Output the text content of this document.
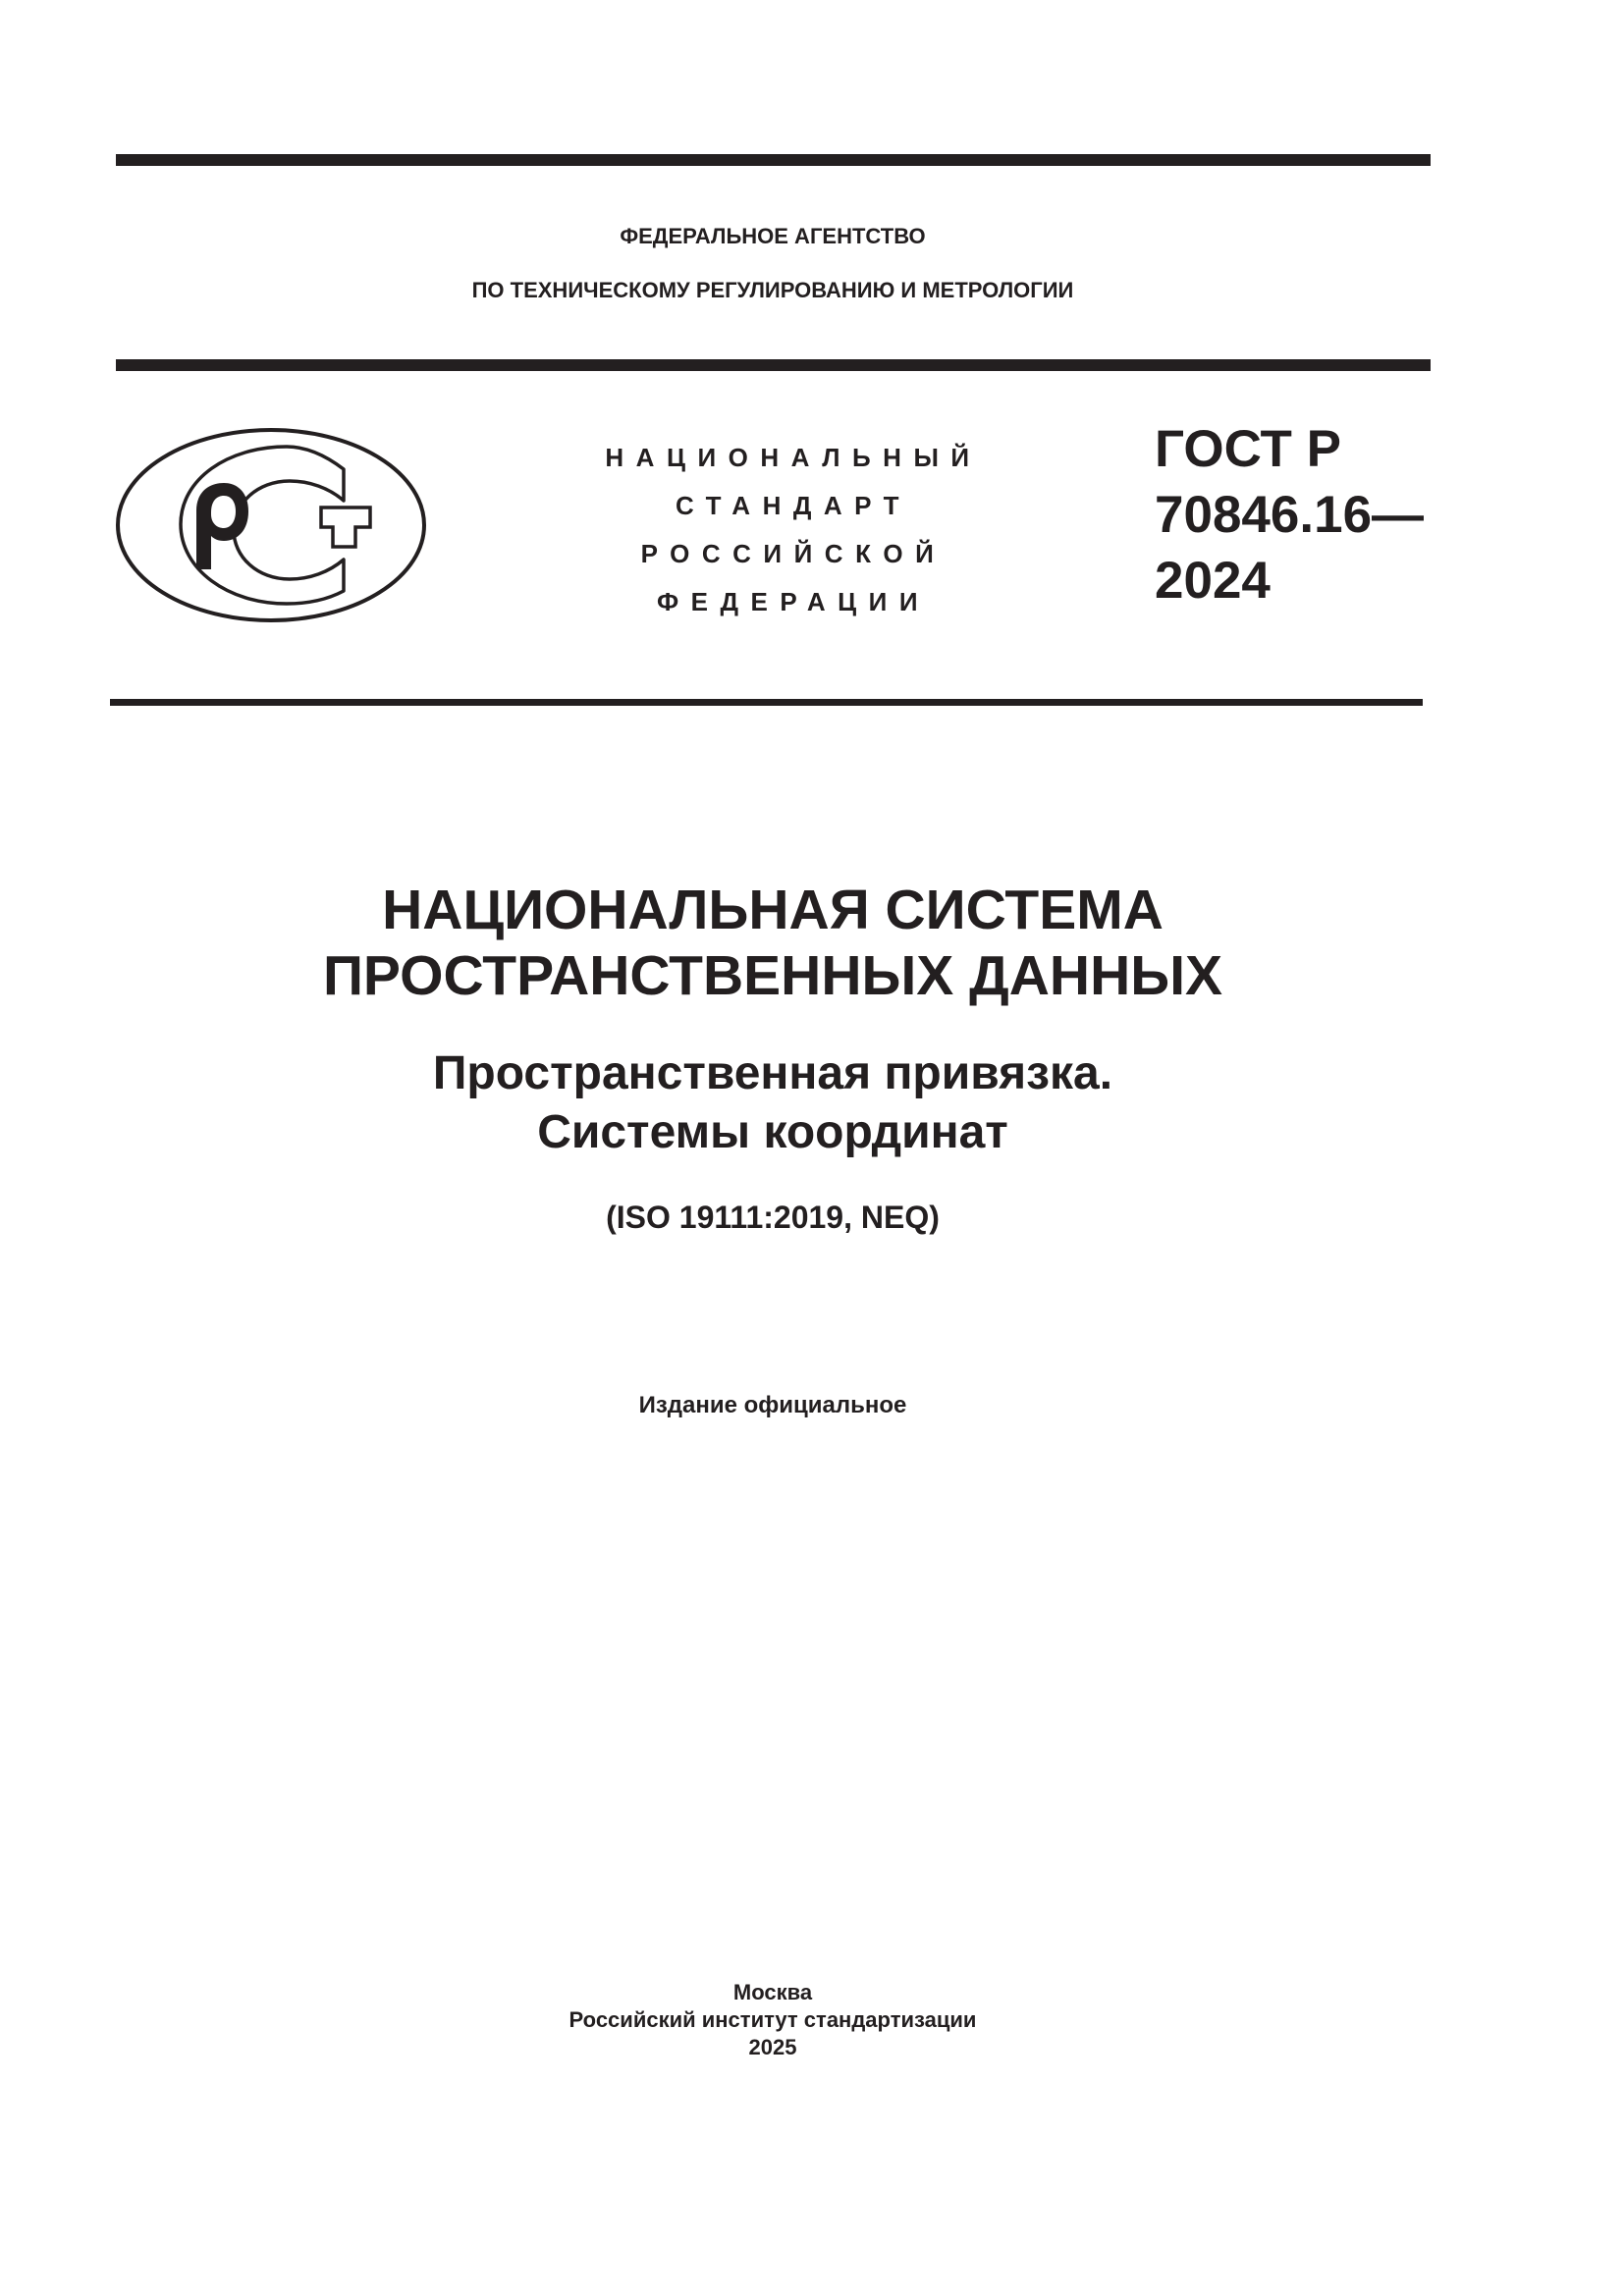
ФЕДЕРАЛЬНОЕ АГЕНТСТВО
ПО ТЕХНИЧЕСКОМУ РЕГУЛИРОВАНИЮ И МЕТРОЛОГИИ
НАЦИОНАЛЬНЫЙ
СТАНДАРТ
РОССИЙСКОЙ
ФЕДЕРАЦИИ
ГОСТ Р
70846.16—
2024
НАЦИОНАЛЬНАЯ СИСТЕМА
ПРОСТРАНСТВЕННЫХ ДАННЫХ
Пространственная привязка.
Системы координат
(ISO 19111:2019, NEQ)
Издание официальное
Москва
Российский институт стандартизации
2025
